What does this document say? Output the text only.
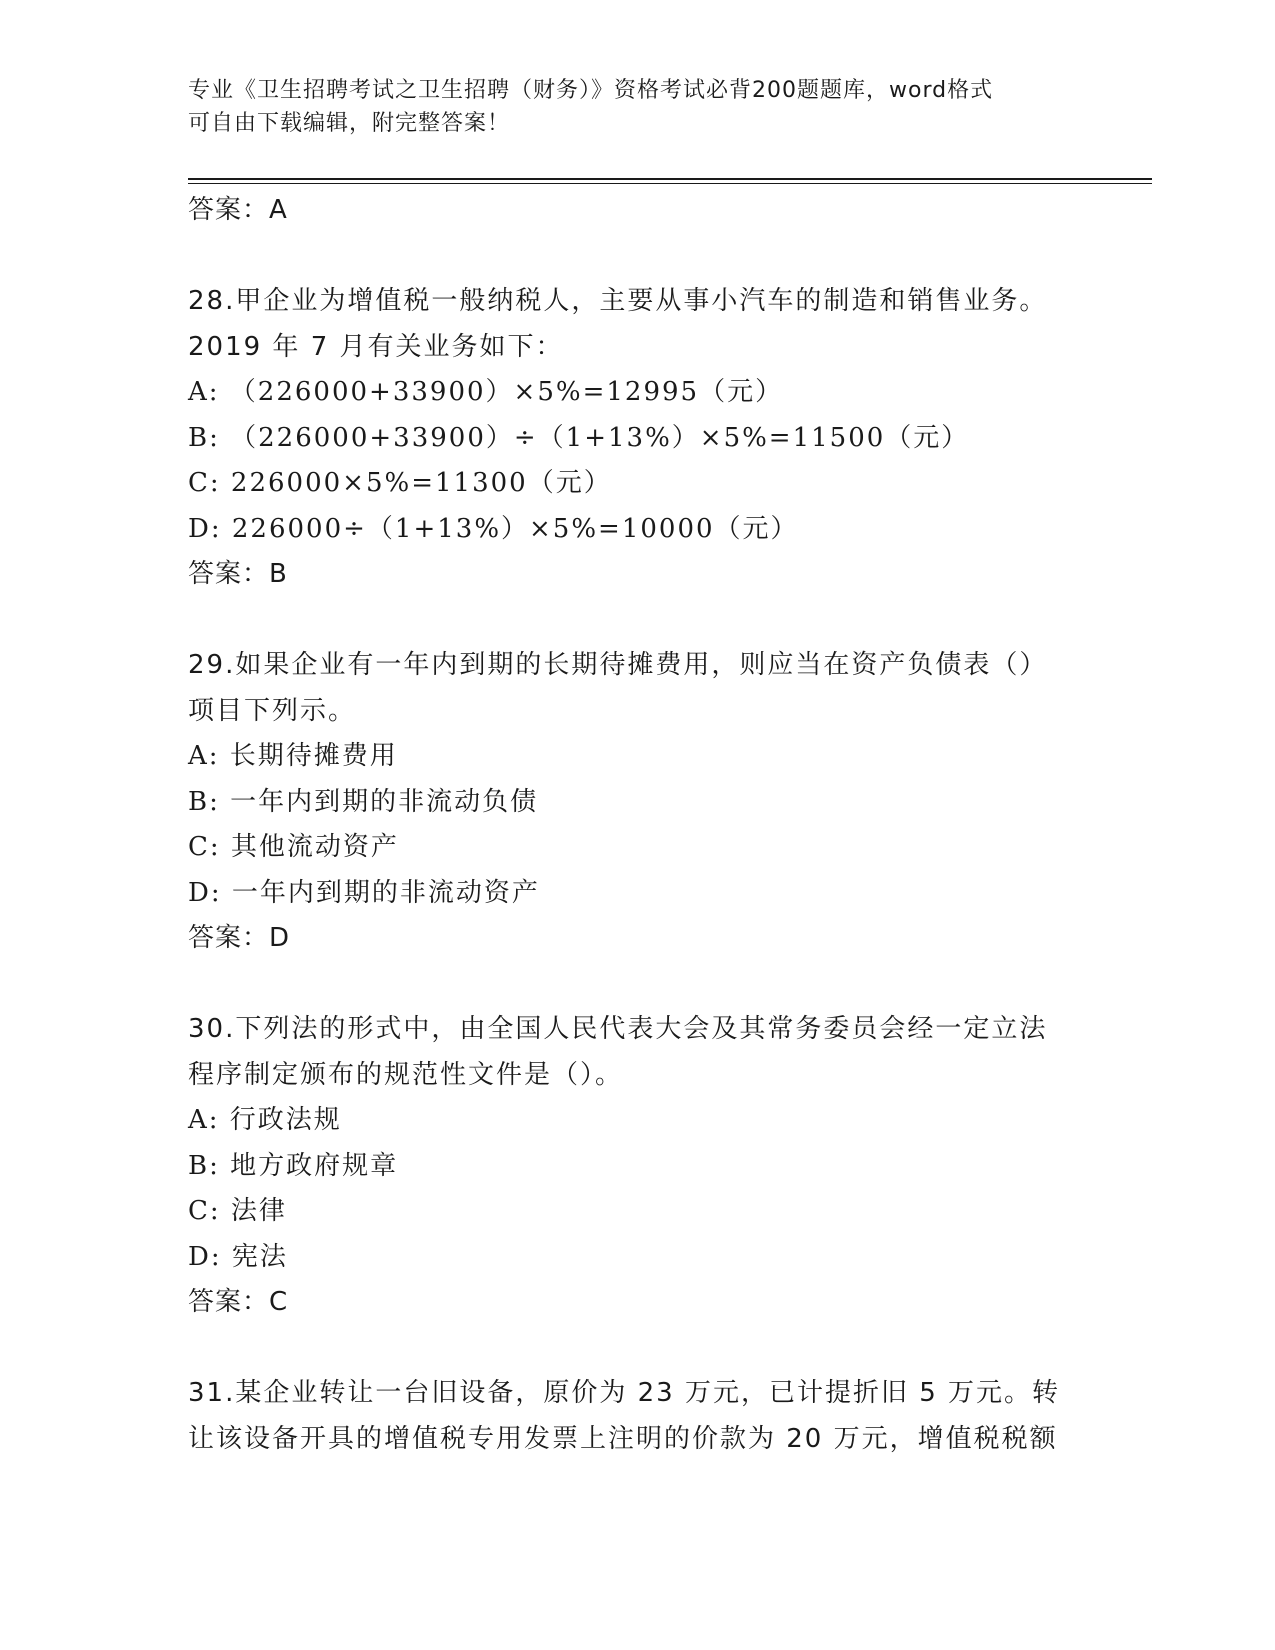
专业《卫生招聘考试之卫生招聘（财务）》资格考试必背200题题库，word格式
可自由下载编辑，附完整答案！
答案：A
28.甲企业为增值税一般纳税人，主要从事小汽车的制造和销售业务。
2019 年 7 月有关业务如下：
A: （226000+33900）×5%=12995（元）
B: （226000+33900）÷（1+13%）×5%=11500（元）
C: 226000×5%=11300（元）
D: 226000÷（1+13%）×5%=10000（元）
答案：B
29.如果企业有一年内到期的长期待摊费用，则应当在资产负债表（）
项目下列示。
A: 长期待摊费用
B: 一年内到期的非流动负债
C: 其他流动资产
D: 一年内到期的非流动资产
答案：D
30.下列法的形式中，由全国人民代表大会及其常务委员会经一定立法
程序制定颁布的规范性文件是（）。
A: 行政法规
B: 地方政府规章
C: 法律
D: 宪法
答案：C
31.某企业转让一台旧设备，原价为 23 万元，已计提折旧 5 万元。转
让该设备开具的增值税专用发票上注明的价款为 20 万元，增值税税额
